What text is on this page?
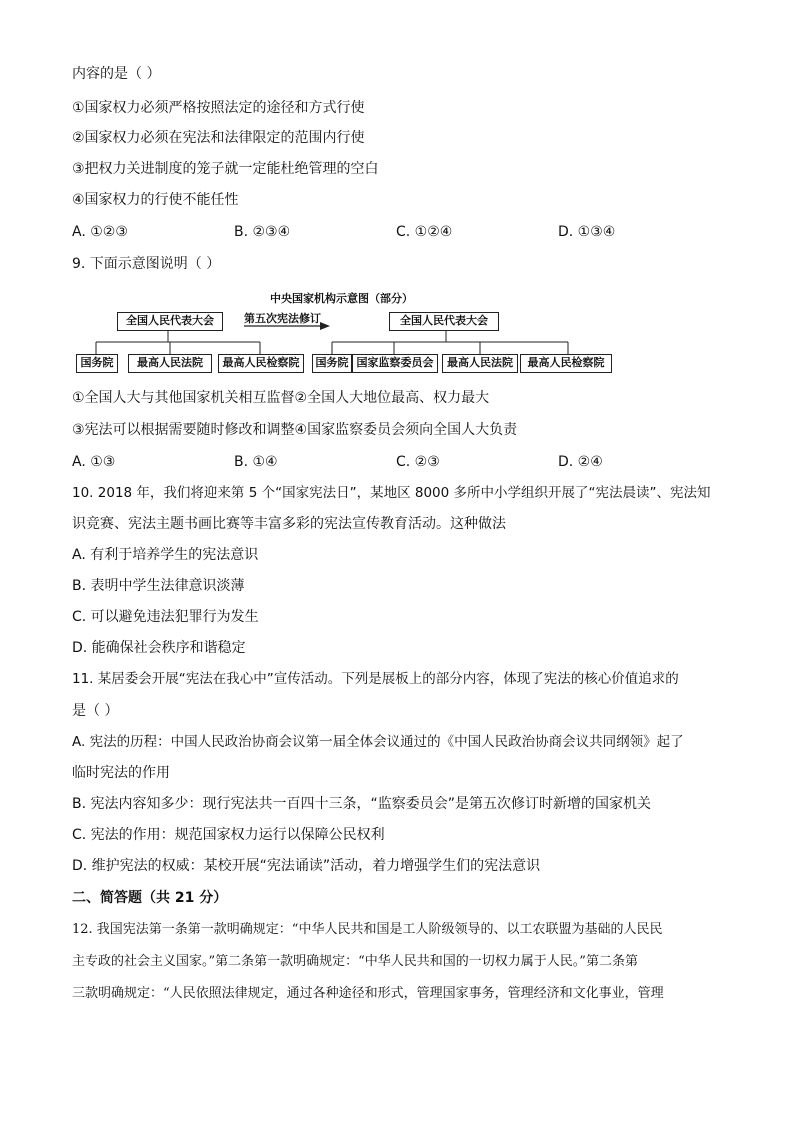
内容的是（ ）
①国家权力必须严格按照法定的途径和方式行使
②国家权力必须在宪法和法律限定的范围内行使
③把权力关进制度的笼子就一定能杜绝管理的空白
④国家权力的行使不能任性
A. ①②③	B. ②③④	C. ①②④	D. ①③④
9. 下面示意图说明（ ）
中央国家机构示意图（部分）
第五次宪法修订
全国人民代表大会
国务院	最高人民法院	最高人民检察院
全国人民代表大会
国务院 国家监察委员会	最高人民法院	最高人民检察院
①全国人大与其他国家机关相互监督②全国人大地位最高、权力最大
③宪法可以根据需要随时修改和调整④国家监察委员会须向全国人大负责
A. ①③	B. ①④	C. ②③	D. ②④
10. 2018 年，我们将迎来第 5 个“国家宪法日”，某地区 8000 多所中小学组织开展了“宪法晨读”、宪法知
识竞赛、宪法主题书画比赛等丰富多彩的宪法宣传教育活动。这种做法
A. 有利于培养学生的宪法意识
B. 表明中学生法律意识淡薄
C. 可以避免违法犯罪行为发生
D. 能确保社会秩序和谐稳定
11. 某居委会开展“宪法在我心中”宣传活动。下列是展板上的部分内容，体现了宪法的核心价值追求的
是（ ）
A. 宪法的历程：中国人民政治协商会议第一届全体会议通过的《中国人民政治协商会议共同纲领》起了
临时宪法的作用
B. 宪法内容知多少：现行宪法共一百四十三条，“监察委员会”是第五次修订时新增的国家机关
C. 宪法的作用：规范国家权力运行以保障公民权利
D. 维护宪法的权威：某校开展“宪法诵读”活动，着力增强学生们的宪法意识
二、简答题（共 21 分）
12. 我国宪法第一条第一款明确规定：“中华人民共和国是工人阶级领导的、以工农联盟为基础的人民民
主专政的社会主义国家。”第二条第一款明确规定：“中华人民共和国的一切权力属于人民。”第二条第
三款明确规定：“人民依照法律规定，通过各种途径和形式，管理国家事务，管理经济和文化事业，管理
